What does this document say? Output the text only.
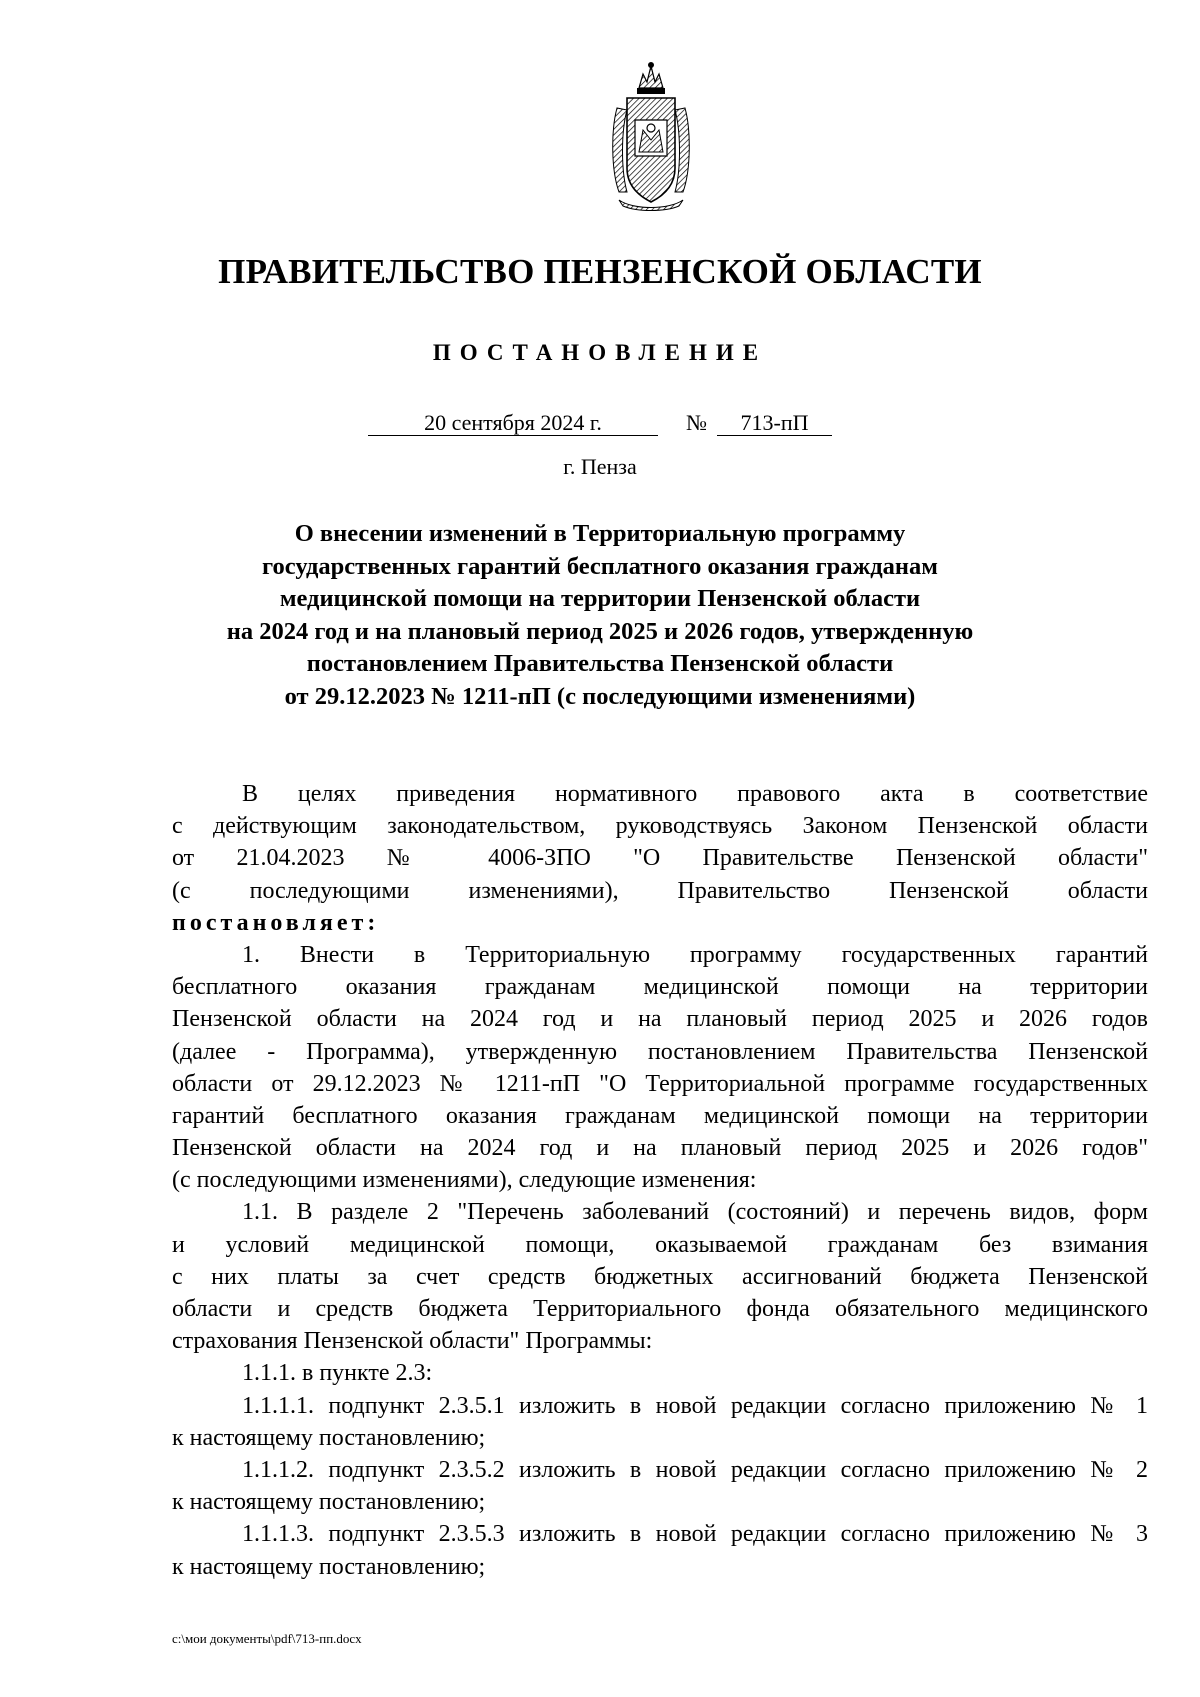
ПРАВИТЕЛЬСТВО ПЕНЗЕНСКОЙ ОБЛАСТИ
ПОСТАНОВЛЕНИЕ
20 сентября 2024 г.	№ 713-пП
г. Пенза
О внесении изменений в Территориальную программу
государственных гарантий бесплатного оказания гражданам
медицинской помощи на территории Пензенской области
на 2024 год и на плановый период 2025 и 2026 годов, утвержденную
постановлением Правительства Пензенской области
от 29.12.2023 № 1211-пП (с последующими изменениями)
В целях приведения нормативного правового акта в соответствие
с действующим законодательством, руководствуясь Законом Пензенской области
от 21.04.2023 № 4006-ЗПО "О Правительстве Пензенской области"
(с последующими изменениями), Правительство Пензенской области
постановляет:
1. Внести в Территориальную программу государственных гарантий
бесплатного оказания гражданам медицинской помощи на территории
Пензенской области на 2024 год и на плановый период 2025 и 2026 годов
(далее - Программа), утвержденную постановлением Правительства Пензенской
области от 29.12.2023 № 1211-пП "О Территориальной программе государственных
гарантий бесплатного оказания гражданам медицинской помощи на территории
Пензенской области на 2024 год и на плановый период 2025 и 2026 годов"
(с последующими изменениями), следующие изменения:
1.1. В разделе 2 "Перечень заболеваний (состояний) и перечень видов, форм
и условий медицинской помощи, оказываемой гражданам без взимания
с них платы за счет средств бюджетных ассигнований бюджета Пензенской
области и средств бюджета Территориального фонда обязательного медицинского
страхования Пензенской области" Программы:
1.1.1. в пункте 2.3:
1.1.1.1. подпункт 2.3.5.1 изложить в новой редакции согласно приложению № 1
к настоящему постановлению;
1.1.1.2. подпункт 2.3.5.2 изложить в новой редакции согласно приложению № 2
к настоящему постановлению;
1.1.1.3. подпункт 2.3.5.3 изложить в новой редакции согласно приложению № 3
к настоящему постановлению;
c:\мои документы\pdf\713-пп.docx
